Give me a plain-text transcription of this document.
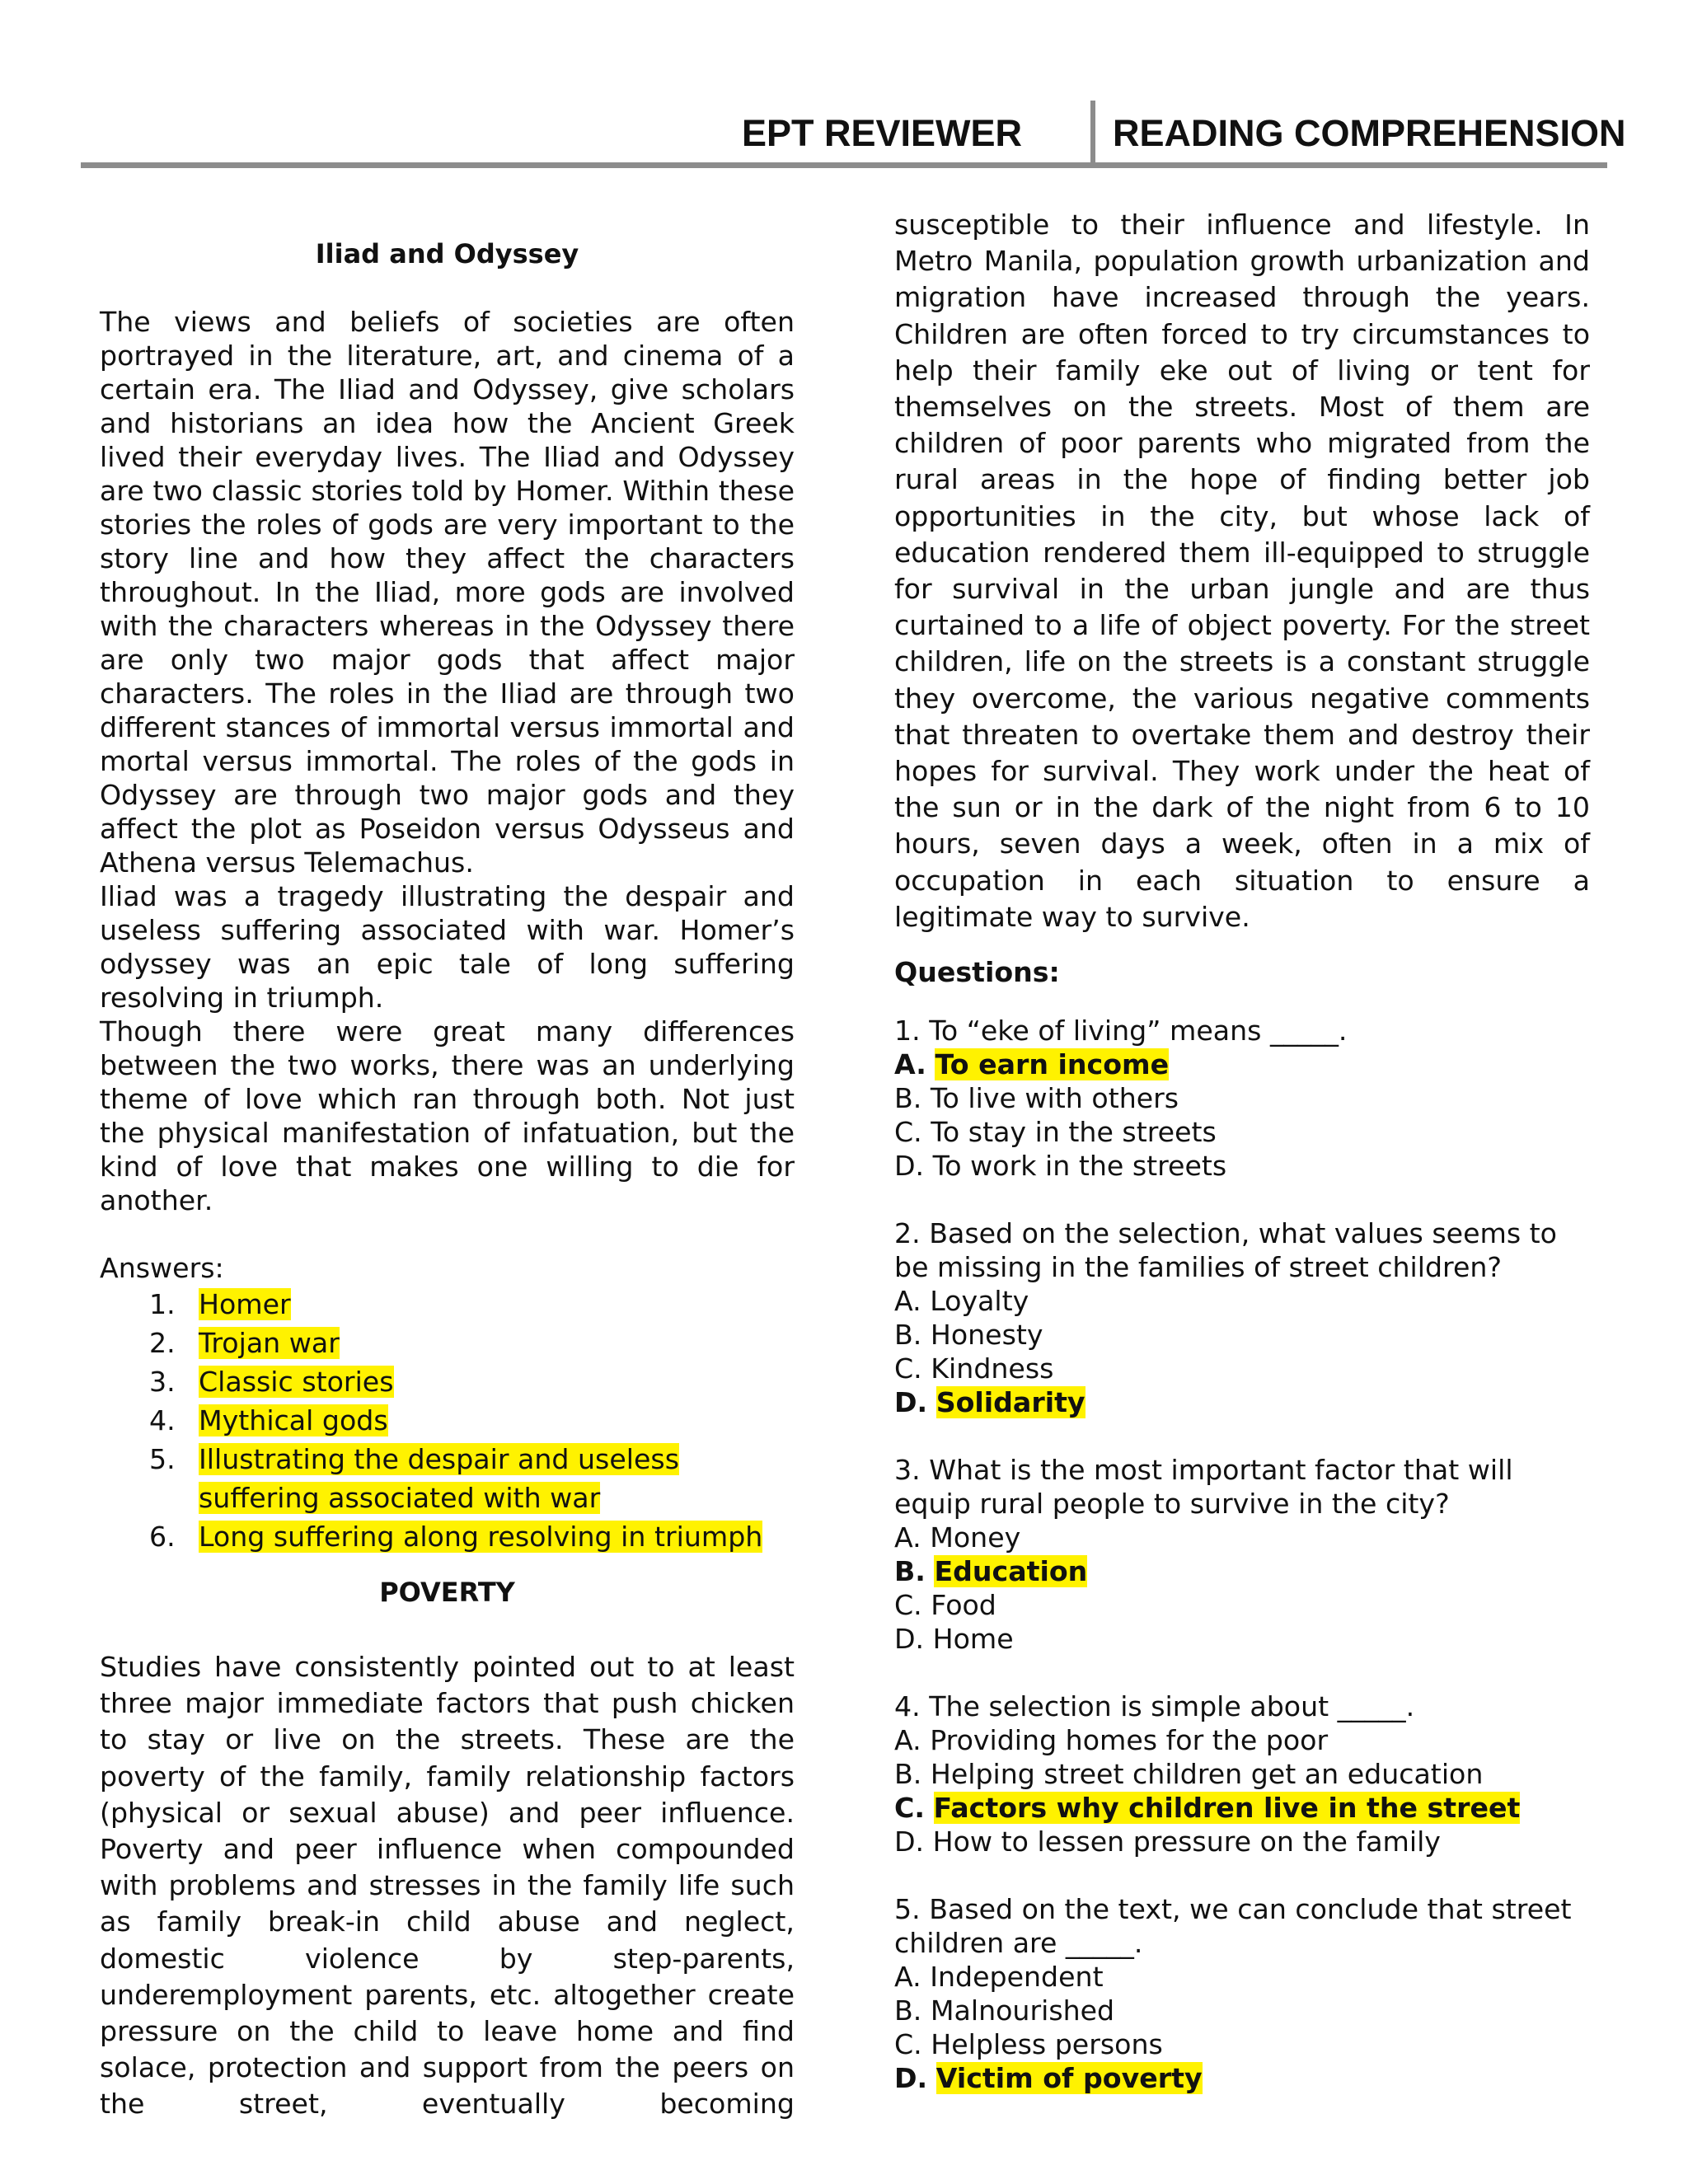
EPT REVIEWER READING COMPREHENSION

Iliad and Odyssey

The views and beliefs of societies are often portrayed in the literature, art, and cinema of a certain era. The Iliad and Odyssey, give scholars and historians an idea how the Ancient Greek lived their everyday lives. The Iliad and Odyssey are two classic stories told by Homer. Within these stories the roles of gods are very important to the story line and how they affect the characters throughout. In the Iliad, more gods are involved with the characters whereas in the Odyssey there are only two major gods that affect major characters. The roles in the Iliad are through two different stances of immortal versus immortal and mortal versus immortal. The roles of the gods in Odyssey are through two major gods and they affect the plot as Poseidon versus Odysseus and Athena versus Telemachus.

Iliad was a tragedy illustrating the despair and useless suffering associated with war. Homer’s odyssey was an epic tale of long suffering resolving in triumph.

Though there were great many differences between the two works, there was an underlying theme of love which ran through both. Not just the physical manifestation of infatuation, but the kind of love that makes one willing to die for another.

Answers:

1. Homer
2. Trojan war
3. Classic stories
4. Mythical gods
5. Illustrating the despair and useless suffering associated with war
6. Long suffering along resolving in triumph

POVERTY

Studies have consistently pointed out to at least three major immediate factors that push chicken to stay or live on the streets. These are the poverty of the family, family relationship factors (physical or sexual abuse) and peer influence. Poverty and peer influence when compounded with problems and stresses in the family life such as family break-in child abuse and neglect, domestic violence by step-parents, underemployment parents, etc. altogether create pressure on the child to leave home and find solace, protection and support from the peers on the street, eventually becoming

susceptible to their influence and lifestyle. In Metro Manila, population growth urbanization and migration have increased through the years. Children are often forced to try circumstances to help their family eke out of living or tent for themselves on the streets. Most of them are children of poor parents who migrated from the rural areas in the hope of finding better job opportunities in the city, but whose lack of education rendered them ill-equipped to struggle for survival in the urban jungle and are thus curtained to a life of object poverty. For the street children, life on the streets is a constant struggle they overcome, the various negative comments that threaten to overtake them and destroy their hopes for survival. They work under the heat of the sun or in the dark of the night from 6 to 10 hours, seven days a week, often in a mix of occupation in each situation to ensure a legitimate way to survive.

Questions:

1. To “eke of living” means _____.

A. To earn income

B. To live with others

C. To stay in the streets

D. To work in the streets

2. Based on the selection, what values seems to be missing in the families of street children?

A. Loyalty

B. Honesty

C. Kindness

D. Solidarity

3. What is the most important factor that will equip rural people to survive in the city?

A. Money

B. Education

C. Food

D. Home

4. The selection is simple about _____.

A. Providing homes for the poor

B. Helping street children get an education

C. Factors why children live in the street

D. How to lessen pressure on the family

5. Based on the text, we can conclude that street children are _____.

A. Independent

B. Malnourished

C. Helpless persons

D. Victim of poverty
